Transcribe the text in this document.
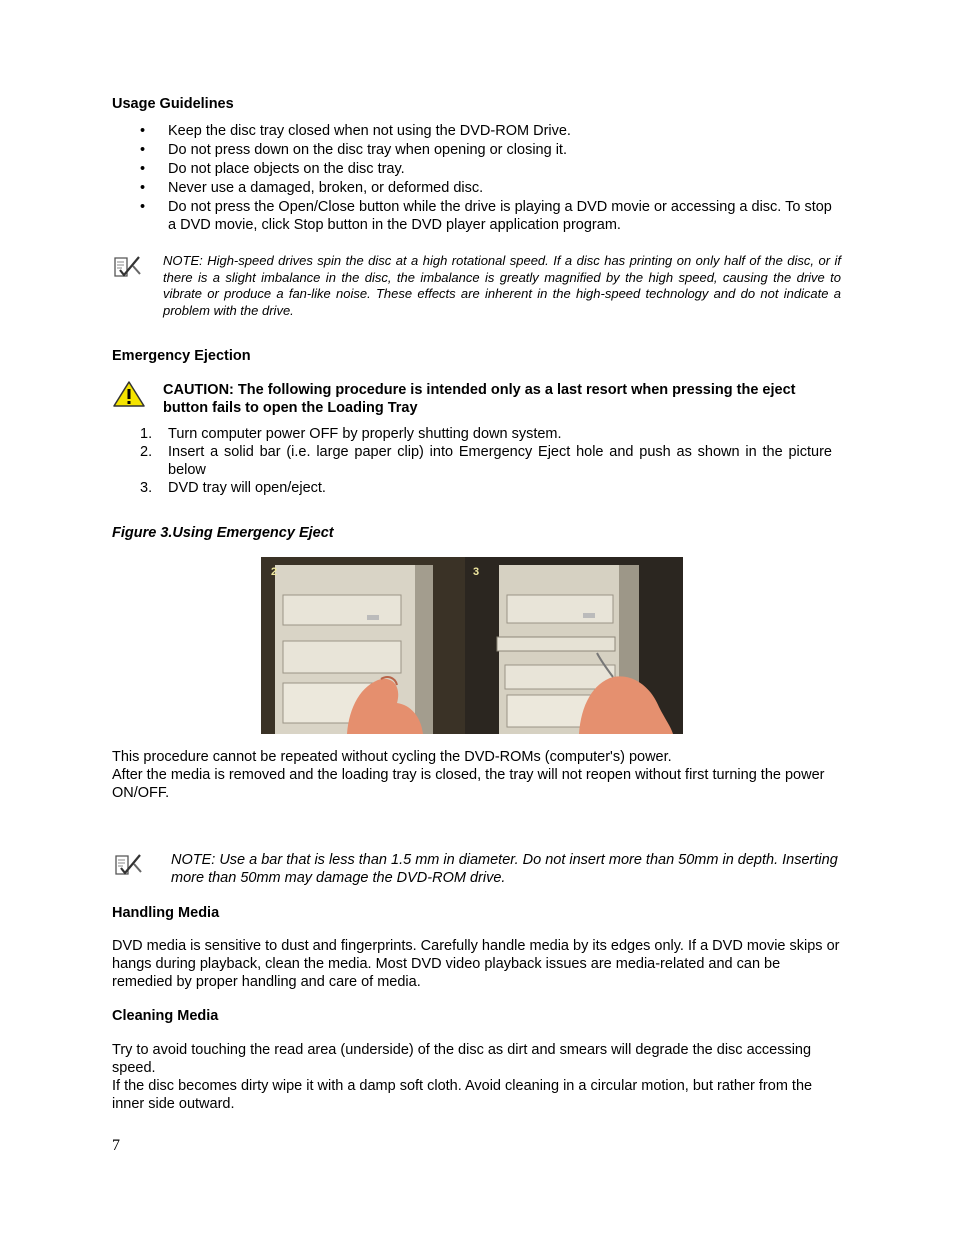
Usage Guidelines
• Keep the disc tray closed when not using the DVD-ROM Drive.
• Do not press down on the disc tray when opening or closing it.
• Do not place objects on the disc tray.
• Never use a damaged, broken, or deformed disc.
• Do not press the Open/Close button while the drive is playing a DVD movie or accessing a disc. To stop a DVD movie, click Stop button in the DVD player application program.
NOTE: High-speed drives spin the disc at a high rotational speed. If a disc has printing on only half of the disc, or if there is a slight imbalance in the disc, the imbalance is greatly magnified by the high speed, causing the drive to vibrate or produce a fan-like noise. These effects are inherent in the high-speed technology and do not indicate a problem with the drive.
Emergency Ejection
CAUTION: The following procedure is intended only as a last resort when pressing the eject button fails to open the Loading Tray
1. Turn computer power OFF by properly shutting down system.
2. Insert a solid bar (i.e. large paper clip) into Emergency Eject hole and push as shown in the picture below
3. DVD tray will open/eject.
Figure 3.Using Emergency Eject
2	3
This procedure cannot be repeated without cycling the DVD-ROMs (computer's) power.
After the media is removed and the loading tray is closed, the tray will not reopen without first turning the power ON/OFF.
NOTE: Use a bar that is less than 1.5 mm in diameter. Do not insert more than 50mm in depth. Inserting more than 50mm may damage the DVD-ROM drive.
Handling Media
DVD media is sensitive to dust and fingerprints. Carefully handle media by its edges only. If a DVD movie skips or hangs during playback, clean the media. Most DVD video playback issues are media-related and can be remedied by proper handling and care of media.
Cleaning Media
Try to avoid touching the read area (underside) of the disc as dirt and smears will degrade the disc accessing speed.
If the disc becomes dirty wipe it with a damp soft cloth. Avoid cleaning in a circular motion, but rather from the inner side outward.
7
